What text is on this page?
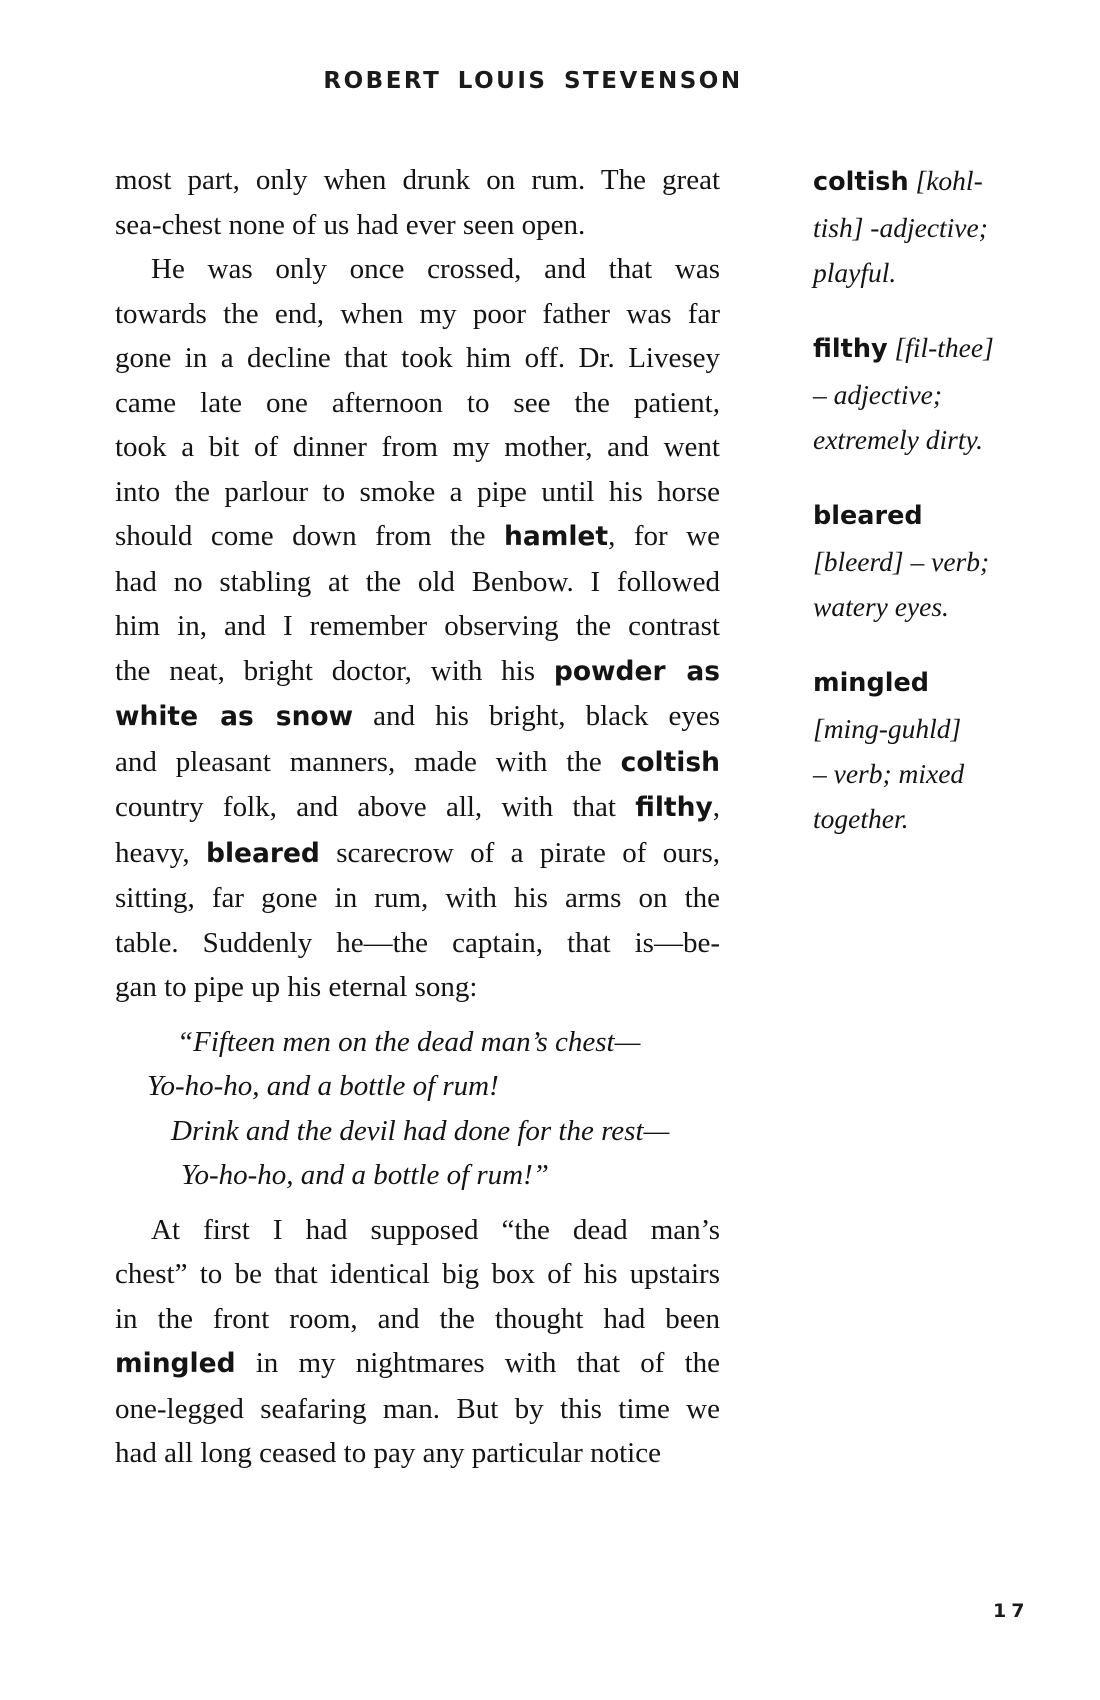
ROBERT LOUIS STEVENSON
most part, only when drunk on rum. The great
sea-chest none of us had ever seen open.
He was only once crossed, and that was
towards the end, when my poor father was far
gone in a decline that took him off. Dr. Livesey
came late one afternoon to see the patient,
took a bit of dinner from my mother, and went
into the parlour to smoke a pipe until his horse
should come down from the hamlet, for we
had no stabling at the old Benbow. I followed
him in, and I remember observing the contrast
the neat, bright doctor, with his powder as
white as snow and his bright, black eyes
and pleasant manners, made with the coltish
country folk, and above all, with that filthy,
heavy, bleared scarecrow of a pirate of ours,
sitting, far gone in rum, with his arms on the
table. Suddenly he—the captain, that is—be-
gan to pipe up his eternal song:
“Fifteen men on the dead man’s chest—
Yo-ho-ho, and a bottle of rum!
Drink and the devil had done for the rest—
Yo-ho-ho, and a bottle of rum!”
At first I had supposed “the dead man’s
chest” to be that identical big box of his upstairs
in the front room, and the thought had been
mingled in my nightmares with that of the
one-legged seafaring man. But by this time we
had all long ceased to pay any particular notice
coltish [kohl-
tish] -adjective;
playful.
filthy [fil-thee]
– adjective;
extremely dirty.
bleared
[bleerd] – verb;
watery eyes.
mingled
[ming-guhld]
– verb; mixed
together.
17
